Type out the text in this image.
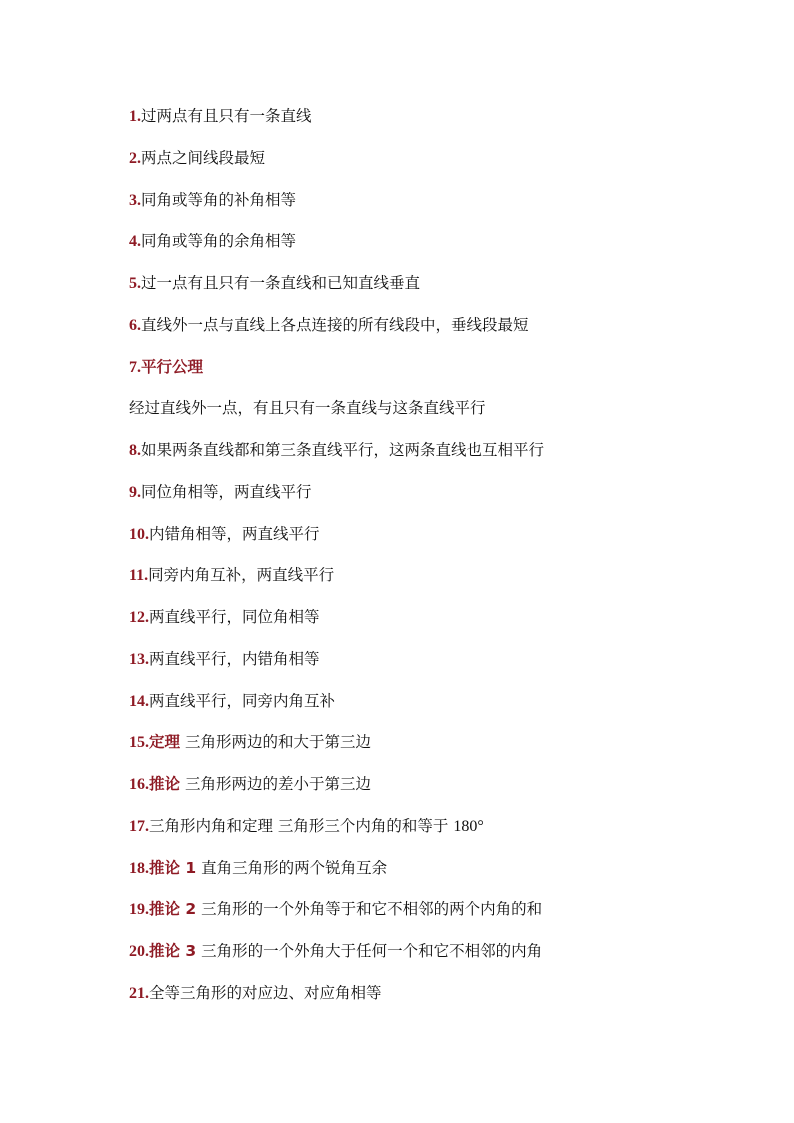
1.过两点有且只有一条直线
2.两点之间线段最短
3.同角或等角的补角相等
4.同角或等角的余角相等
5.过一点有且只有一条直线和已知直线垂直
6.直线外一点与直线上各点连接的所有线段中，垂线段最短
7.平行公理
经过直线外一点，有且只有一条直线与这条直线平行
8.如果两条直线都和第三条直线平行，这两条直线也互相平行
9.同位角相等，两直线平行
10.内错角相等，两直线平行
11.同旁内角互补，两直线平行
12.两直线平行，同位角相等
13.两直线平行，内错角相等
14.两直线平行，同旁内角互补
15.定理 三角形两边的和大于第三边
16.推论 三角形两边的差小于第三边
17.三角形内角和定理 三角形三个内角的和等于 180°
18.推论 1 直角三角形的两个锐角互余
19.推论 2 三角形的一个外角等于和它不相邻的两个内角的和
20.推论 3 三角形的一个外角大于任何一个和它不相邻的内角
21.全等三角形的对应边、对应角相等
